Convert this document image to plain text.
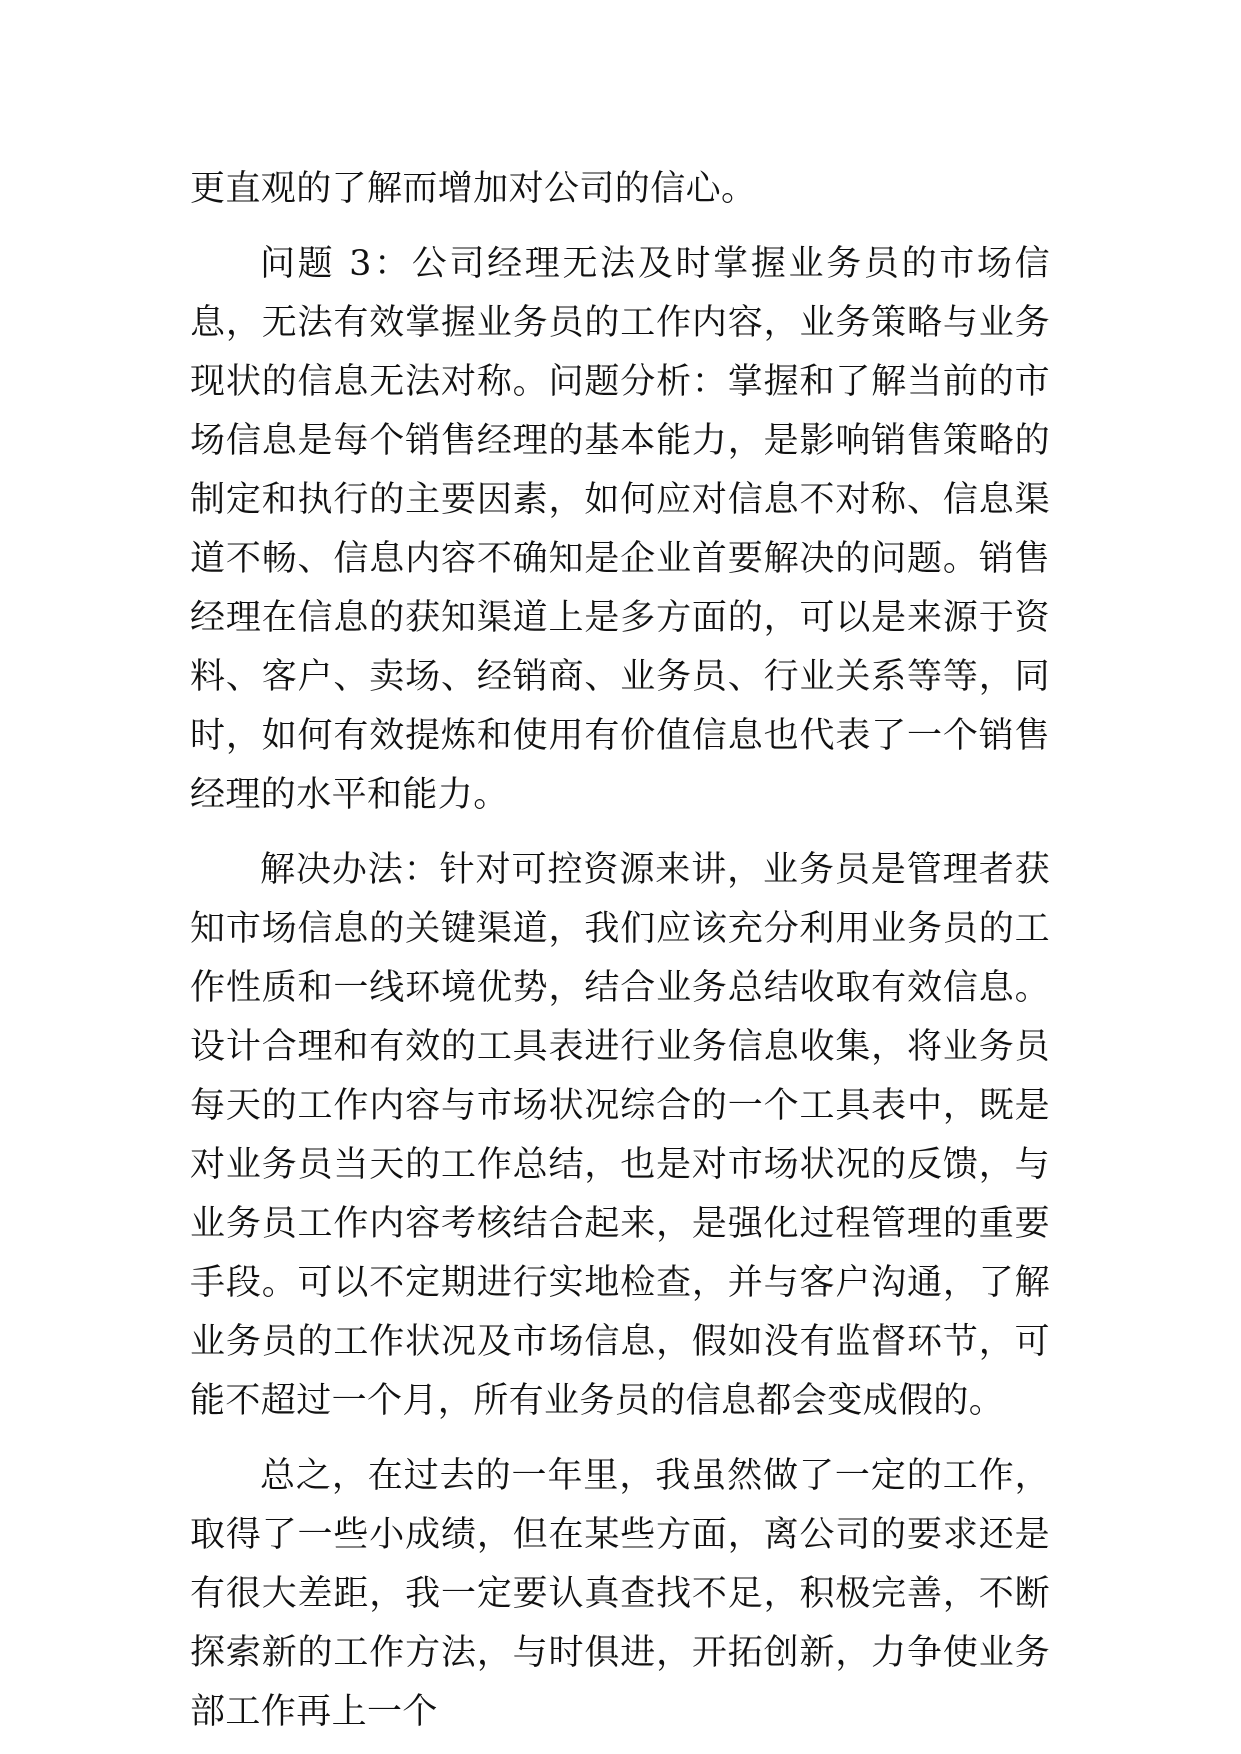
更直观的了解而增加对公司的信心。

问题 3：公司经理无法及时掌握业务员的市场信息，无法有效掌握业务员的工作内容，业务策略与业务现状的信息无法对称。问题分析：掌握和了解当前的市场信息是每个销售经理的基本能力，是影响销售策略的制定和执行的主要因素，如何应对信息不对称、信息渠道不畅、信息内容不确知是企业首要解决的问题。销售经理在信息的获知渠道上是多方面的，可以是来源于资料、客户、卖场、经销商、业务员、行业关系等等，同时，如何有效提炼和使用有价值信息也代表了一个销售经理的水平和能力。

解决办法：针对可控资源来讲，业务员是管理者获知市场信息的关键渠道，我们应该充分利用业务员的工作性质和一线环境优势，结合业务总结收取有效信息。设计合理和有效的工具表进行业务信息收集，将业务员每天的工作内容与市场状况综合的一个工具表中，既是对业务员当天的工作总结，也是对市场状况的反馈，与业务员工作内容考核结合起来，是强化过程管理的重要手段。可以不定期进行实地检查，并与客户沟通，了解业务员的工作状况及市场信息，假如没有监督环节，可能不超过一个月，所有业务员的信息都会变成假的。

总之，在过去的一年里，我虽然做了一定的工作，取得了一些小成绩，但在某些方面，离公司的要求还是有很大差距，我一定要认真查找不足，积极完善，不断探索新的工作方法，与时俱进，开拓创新，力争使业务部工作再上一个
